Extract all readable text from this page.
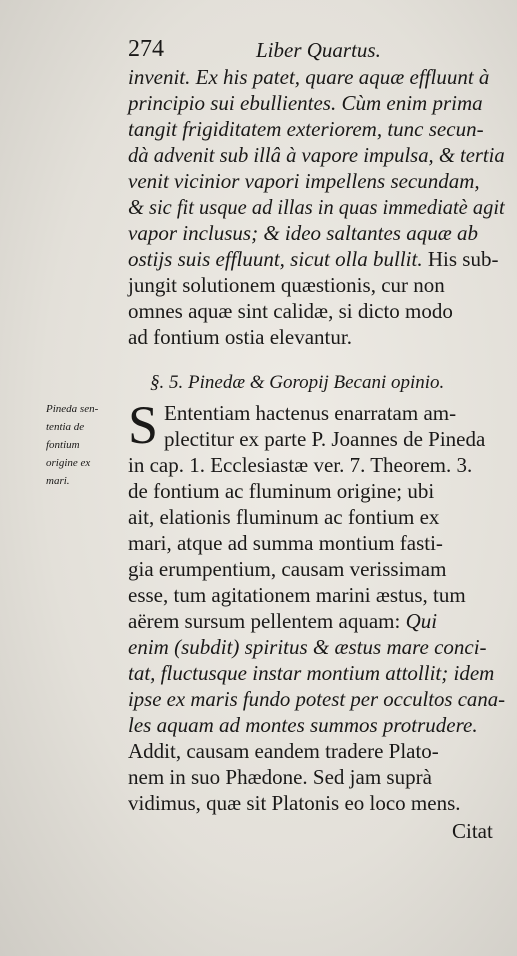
274	Liber Quartus.
invenit. Ex his patet, quare aquæ effluunt à
principio sui ebullientes. Cùm enim prima
tangit frigiditatem exteriorem, tunc secun-
dà advenit sub illâ à vapore impulsa, & tertia
venit vicinior vapori impellens secundam,
& sic fit usque ad illas in quas immediatè agit
vapor inclusus; & ideo saltantes aquæ ab
ostijs suis effluunt, sicut olla bullit. His sub-
jungit solutionem quæstionis, cur non
omnes aquæ sint calidæ, si dicto modo
ad fontium ostia elevantur.
§. 5. Pinedæ & Goropij Becani opinio.
Pineda sen-
tentia de
fontium
origine ex
mari.
S Ententiam hactenus enarratam am-
plectitur ex parte P. Joannes de Pineda
in cap. 1. Ecclesiastæ ver. 7. Theorem. 3.
de fontium ac fluminum origine; ubi
ait, elationis fluminum ac fontium ex
mari, atque ad summa montium fasti-
gia erumpentium, causam verissimam
esse, tum agitationem marini æstus, tum
aërem sursum pellentem aquam: Qui
enim (subdit) spiritus & æstus mare conci-
tat, fluctusque instar montium attollit; idem
ipse ex maris fundo potest per occultos cana-
les aquam ad montes summos protrudere.
Addit, causam eandem tradere Plato-
nem in suo Phædone. Sed jam suprà
vidimus, quæ sit Platonis eo loco mens.
Citat
